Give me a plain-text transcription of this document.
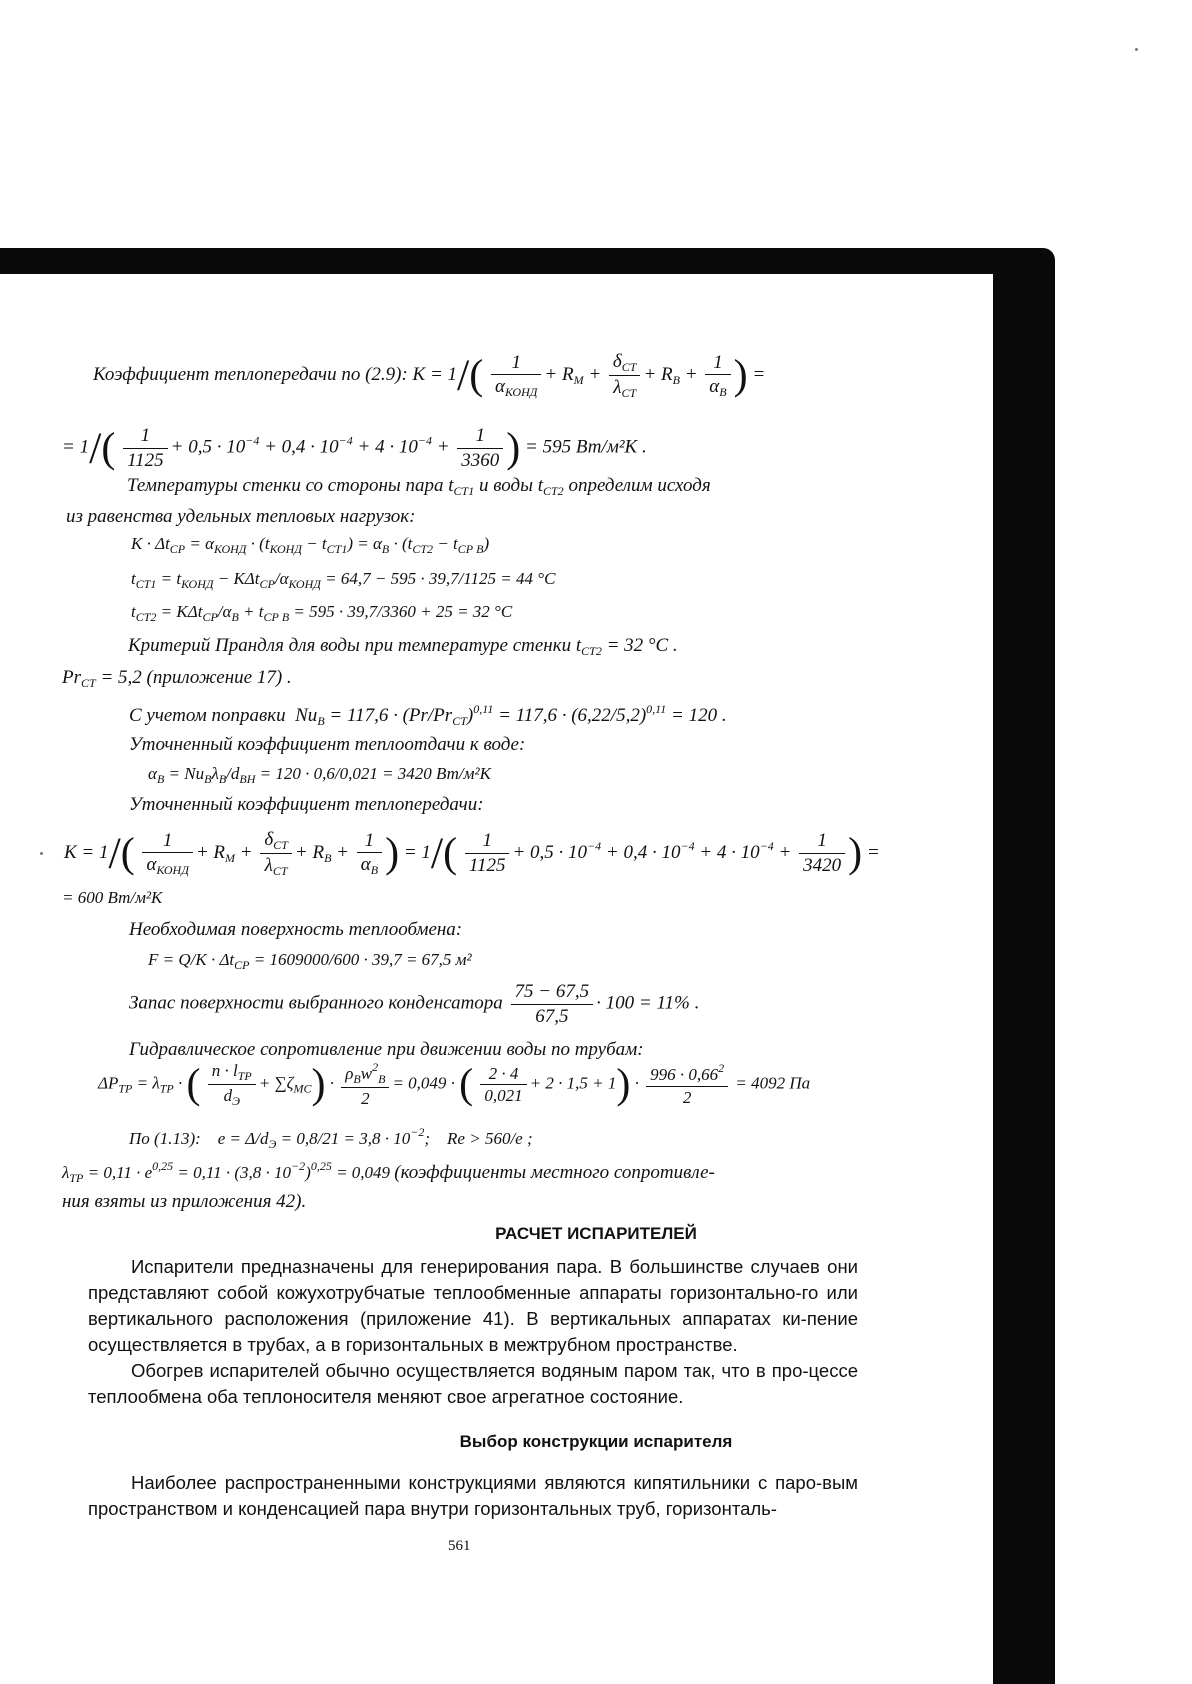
Коэффициент теплопередачи по (2.9): $K = 1/( \frac{1}{\alpha_{КОНД}} + R_М + \frac{\delta_{СТ}}{\lambda_{СТ}} + R_В + \frac{1}{\alpha_В}$ ) =
= $1/( \frac{1}{1125} + 0,5 \cdot 10^{-4} + 0,4 \cdot 10^{-4} + 4 \cdot 10^{-4} + \frac{1}{3360}$ ) = 595 Вт/м²K .
Температуры стенки со стороны пара $t_{СТ1}$ и воды $t_{СТ2}$ определим исходя
из равенства удельных тепловых нагрузок:
$K \cdot \Delta t_{СР} = \alpha_{КОНД} \cdot (t_{КОНД} - t_{СТ1}) = \alpha_В \cdot (t_{СТ2} - t_{СР В})$
$t_{СТ1} = t_{КОНД} - K\Delta t_{СР}/\alpha_{КОНД} = 64,7 - 595 \cdot 39,7/1125 = 44$ °C
$t_{СТ2} = K\Delta t_{СР}/\alpha_В + t_{СР В} = 595 \cdot 39,7/3360 + 25 = 32$ °C
Критерий Прандля для воды при температуре стенки $t_{СТ2} = 32$ °C .
$Pr_{СТ} = 5,2$ (приложение 17) .
С учетом поправки  $Nu_В = 117,6 \cdot (Pr/Pr_{СТ})^{0,11} = 117,6 \cdot (6,22/5,2)^{0,11} = 120$ .
Уточненный коэффициент теплоотдачи к воде:
$\alpha_В = Nu_В\lambda_В/d_{ВН} = 120 \cdot 0,6/0,021 = 3420$ Вт/м²K
Уточненный коэффициент теплопередачи:
$K = 1/( \frac{1}{\alpha_{КОНД}} + R_М + \frac{\delta_{СТ}}{\lambda_{СТ}} + R_В + \frac{1}{\alpha_В}$ ) = $1/( \frac{1}{1125} + 0,5 \cdot 10^{-4} + 0,4 \cdot 10^{-4} + 4 \cdot 10^{-4} + \frac{1}{3420}$ ) =
= 600 Вт/м²K
Необходимая поверхность теплообмена:
$F = Q/K \cdot \Delta t_{СР} = 1609000/600 \cdot 39,7 = 67,5$ м²
Запас поверхности выбранного конденсатора $\frac{75 - 67,5}{67,5} \cdot 100 = 11\%$ .
Гидравлическое сопротивление при движении воды по трубам:
$\Delta P_{ТР} = \lambda_{ТР}$ · ( $\frac{n \cdot l_{ТР}}{d_Э} + \sum\zeta_{МС}) \cdot \frac{\rho_Вw^2_В}{2} = 0,049$ · ( $\frac{2 \cdot 4}{0,021} + 2 \cdot 1,5 + 1) \cdot \frac{996 \cdot 0,66^2}{2} = 4092$ Па
По (1.13):    $e = \Delta/d_Э = 0,8/21 = 3,8 \cdot 10^{-2}$;    Re > 560/e ;
$\lambda_{ТР} = 0,11 \cdot e^{0,25} = 0,11 \cdot (3,8 \cdot 10^{-2})^{0,25} = 0,049$ (коэффициенты местного сопротивле-
ния взяты из приложения 42).
РАСЧЕТ ИСПАРИТЕЛЕЙ

Испарители предназначены для генерирования пара. В большинстве случаев они представляют собой кожухотрубчатые теплообменные аппараты горизонтально-го или вертикального расположения (приложение 41). В вертикальных аппаратах ки-пение осуществляется в трубах, а в горизонтальных в межтрубном пространстве.

Обогрев испарителей обычно осуществляется водяным паром так, что в про-цессе теплообмена оба теплоносителя меняют свое агрегатное состояние.

Выбор конструкции испарителя

Наиболее распространенными конструкциями являются кипятильники с паро-вым пространством и конденсацией пара внутри горизонтальных труб, горизонталь-

561
